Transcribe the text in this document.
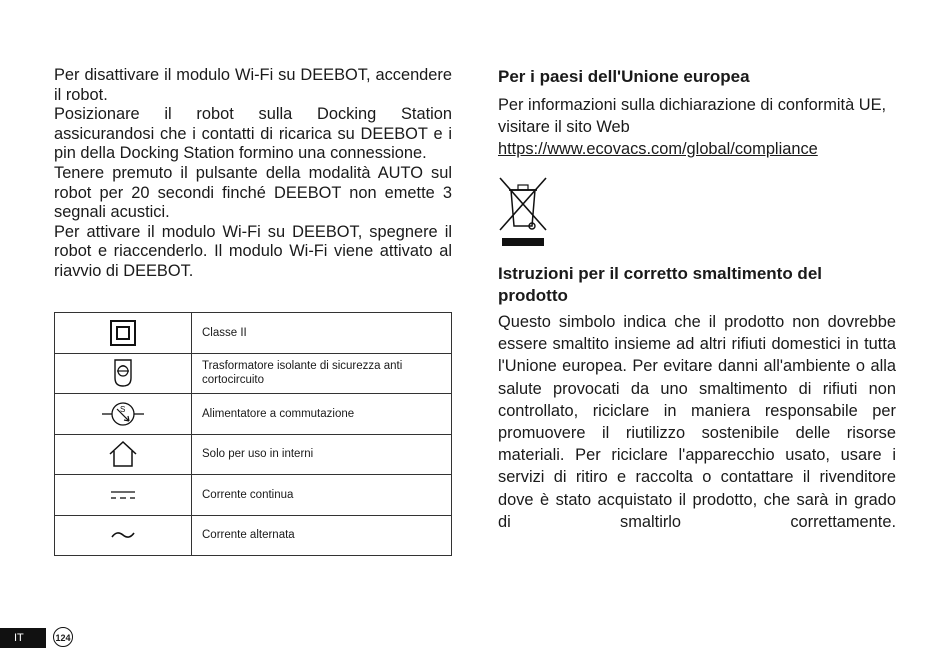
Per disattivare il modulo Wi-Fi su DEEBOT, accendere il robot.

Posizionare il robot sulla Docking Station assicurandosi che i contatti di ricarica su DEEBOT e i pin della Docking Station formino una connessione.

Tenere premuto il pulsante della modalità AUTO sul robot per 20 secondi finché DEEBOT non emette 3 segnali acustici.

Per attivare il modulo Wi-Fi su DEEBOT, spegnere il robot e riaccenderlo. Il modulo Wi-Fi viene attivato al riavvio di DEEBOT.

	Classe II

	Trasformatore isolante di sicurezza anti cortocircuito

S	Alimentatore a commutazione

	Solo per uso in interni

	Corrente continua

	Corrente alternata
Per i paesi dell'Unione europea

Per informazioni sulla dichiarazione di conformità UE, visitare il sito Web

https://www.ecovacs.com/global/compliance
Istruzioni per il corretto smaltimento del prodotto

Questo simbolo indica che il prodotto non dovrebbe essere smaltito insieme ad altri rifiuti domestici in tutta l'Unione europea. Per evitare danni all'ambiente o alla salute provocati da uno smaltimento di rifiuti non controllato, riciclare in maniera responsabile per promuovere il riutilizzo sostenibile delle risorse materiali. Per riciclare l'apparecchio usato, usare i servizi di ritiro e raccolta o contattare il rivenditore dove è stato acquistato il prodotto, che sarà in grado di smaltirlo correttamente.

IT	124
